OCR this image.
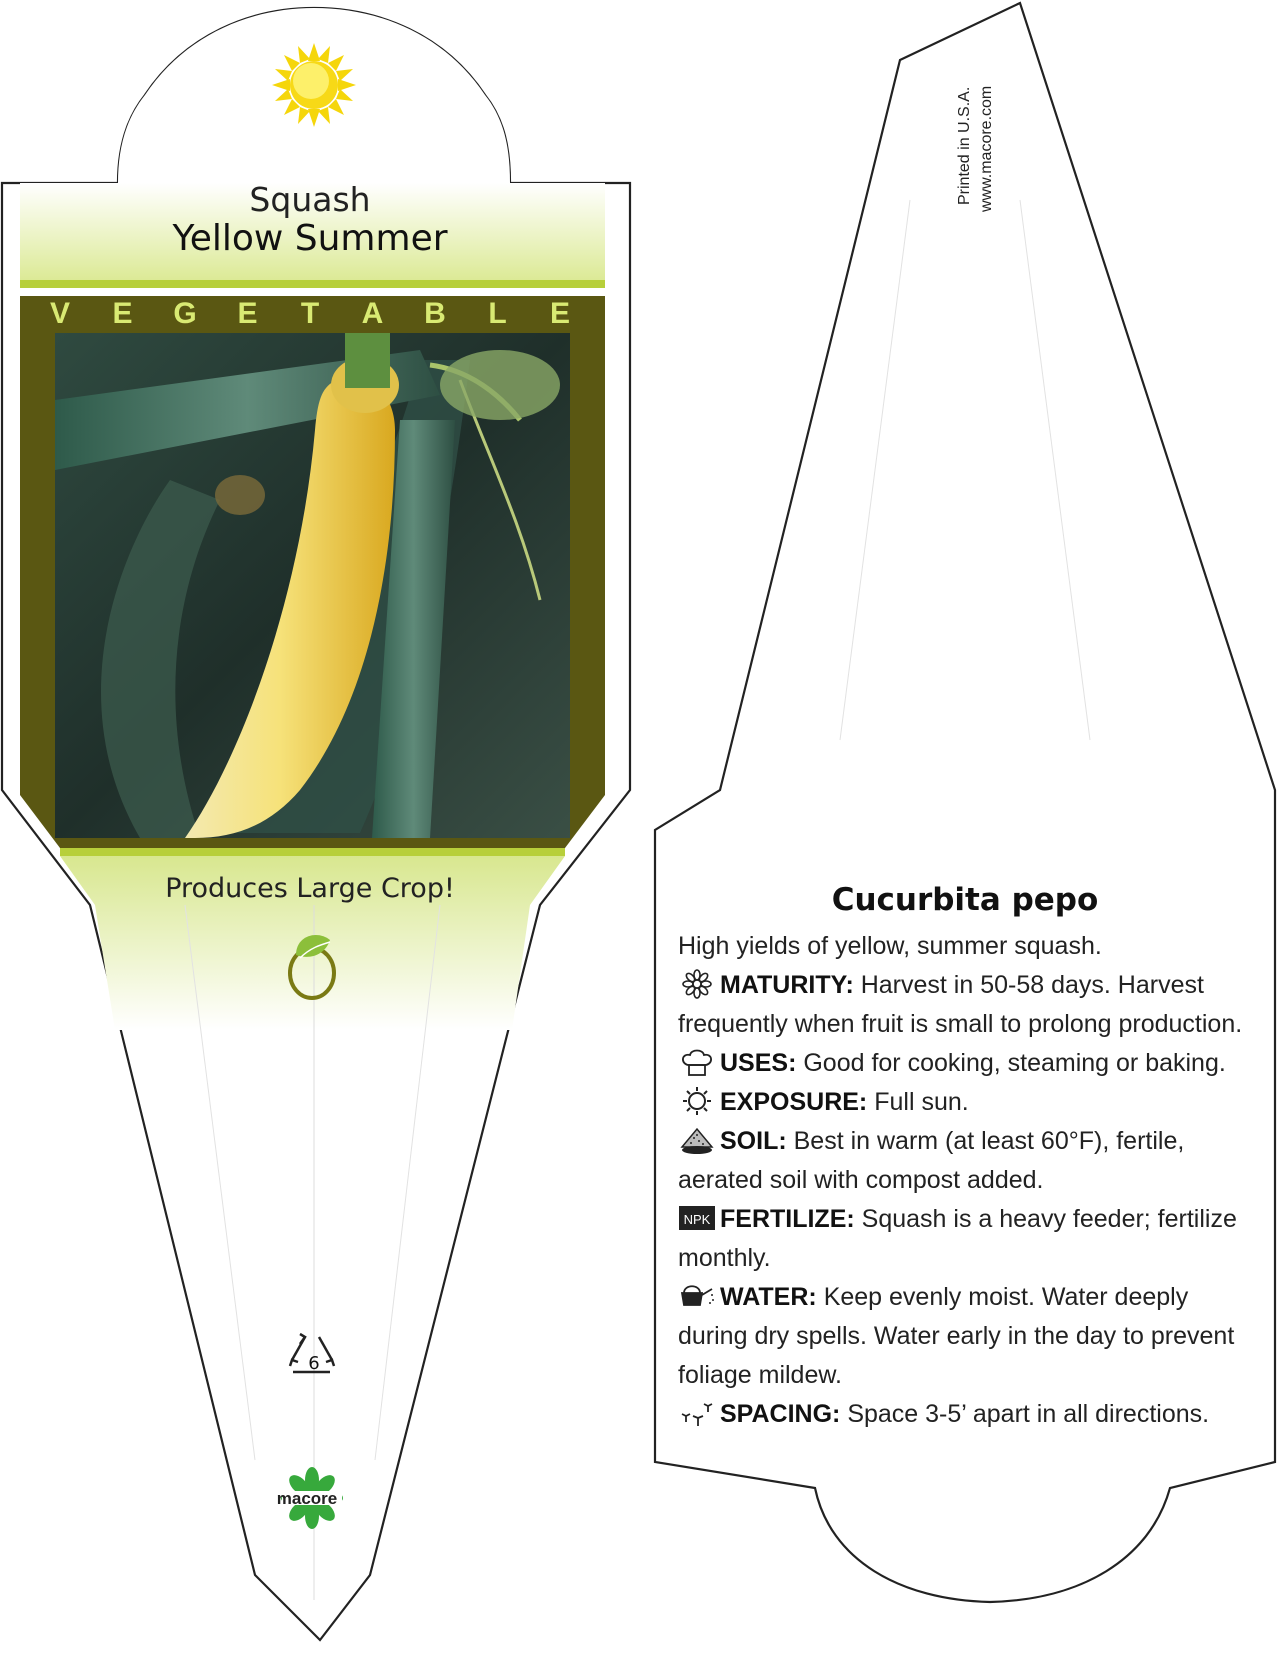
Squash
Yellow Summer
V	E	G	E	T	A	B	L	E
Produces Large Crop!
6
macore
Printed in U.S.A. www.macore.com
Cucurbita pepo

High yields of yellow, summer squash.

MATURITY: Harvest in 50-58 days. Harvest frequently when fruit is small to prolong production.

USES: Good for cooking, steaming or baking.

EXPOSURE: Full sun.

SOIL: Best in warm (at least 60°F), fertile, aerated soil with compost added.

NPK FERTILIZE: Squash is a heavy feeder; fertilize monthly.

WATER: Keep evenly moist. Water deeply during dry spells. Water early in the day to prevent foliage mildew.

SPACING: Space 3-5’ apart in all directions.
